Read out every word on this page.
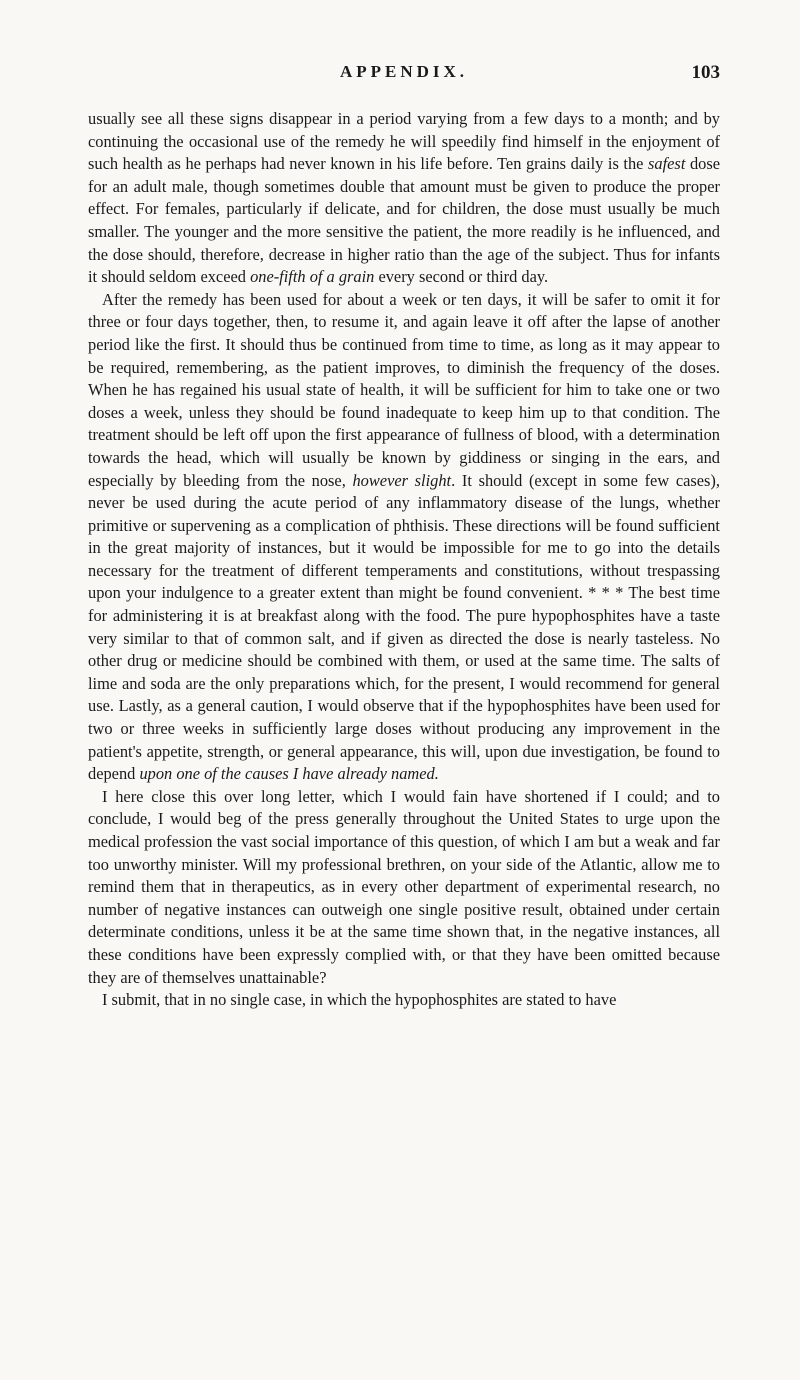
APPENDIX.	103

usually see all these signs disappear in a period varying from a few days to a month; and by continuing the occasional use of the remedy he will speedily find himself in the enjoyment of such health as he perhaps had never known in his life before. Ten grains daily is the safest dose for an adult male, though sometimes double that amount must be given to produce the proper effect. For females, particularly if delicate, and for children, the dose must usually be much smaller. The younger and the more sensitive the patient, the more readily is he influenced, and the dose should, therefore, decrease in higher ratio than the age of the subject. Thus for infants it should seldom exceed one-fifth of a grain every second or third day.

After the remedy has been used for about a week or ten days, it will be safer to omit it for three or four days together, then, to resume it, and again leave it off after the lapse of another period like the first. It should thus be continued from time to time, as long as it may appear to be required, remembering, as the patient improves, to diminish the frequency of the doses. When he has regained his usual state of health, it will be sufficient for him to take one or two doses a week, unless they should be found inadequate to keep him up to that condition. The treatment should be left off upon the first appearance of fullness of blood, with a determination towards the head, which will usually be known by giddiness or singing in the ears, and especially by bleeding from the nose, however slight. It should (except in some few cases), never be used during the acute period of any inflammatory disease of the lungs, whether primitive or supervening as a complication of phthisis. These directions will be found sufficient in the great majority of instances, but it would be impossible for me to go into the details necessary for the treatment of different temperaments and constitutions, without trespassing upon your indulgence to a greater extent than might be found convenient. * * * The best time for administering it is at breakfast along with the food. The pure hypophosphites have a taste very similar to that of common salt, and if given as directed the dose is nearly tasteless. No other drug or medicine should be combined with them, or used at the same time. The salts of lime and soda are the only preparations which, for the present, I would recommend for general use. Lastly, as a general caution, I would observe that if the hypophosphites have been used for two or three weeks in sufficiently large doses without producing any improvement in the patient's appetite, strength, or general appearance, this will, upon due investigation, be found to depend upon one of the causes I have already named.

I here close this over long letter, which I would fain have shortened if I could; and to conclude, I would beg of the press generally throughout the United States to urge upon the medical profession the vast social importance of this question, of which I am but a weak and far too unworthy minister. Will my professional brethren, on your side of the Atlantic, allow me to remind them that in therapeutics, as in every other department of experimental research, no number of negative instances can outweigh one single positive result, obtained under certain determinate conditions, unless it be at the same time shown that, in the negative instances, all these conditions have been expressly complied with, or that they have been omitted because they are of themselves unattainable?

I submit, that in no single case, in which the hypophosphites are stated to have
